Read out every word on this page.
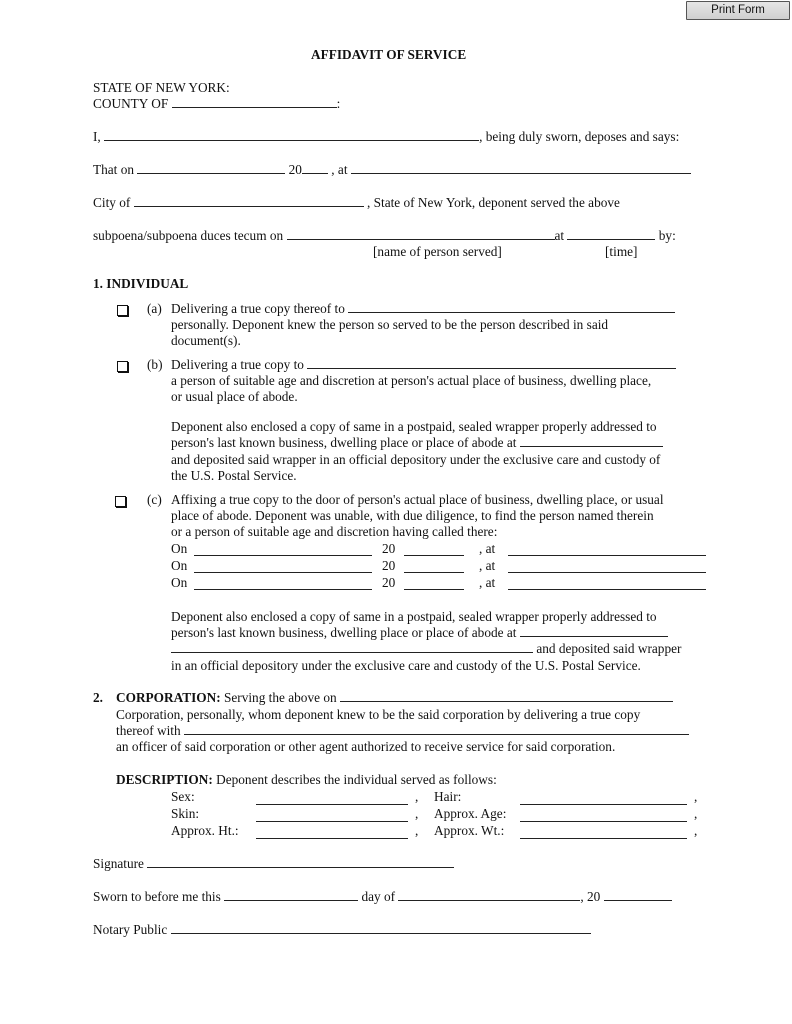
Print Form
AFFIDAVIT OF SERVICE
STATE OF NEW YORK:
COUNTY OF	:
I,	, being duly sworn, deposes and says:
That on	20 , at
City of	, State of New York, deponent served the above
subpoena/subpoena duces tecum on	at	by:
[name of person served]	[time]
1. INDIVIDUAL
(a) Delivering a true copy thereof to
personally. Deponent knew the person so served to be the person described in said
document(s).
(b) Delivering a true copy to
a person of suitable age and discretion at person's actual place of business, dwelling place,
or usual place of abode.
Deponent also enclosed a copy of same in a postpaid, sealed wrapper properly addressed to
person's last known business, dwelling place or place of abode at
and deposited said wrapper in an official depository under the exclusive care and custody of
the U.S. Postal Service.
(c) Affixing a true copy to the door of person's actual place of business, dwelling place, or usual
place of abode. Deponent was unable, with due diligence, to find the person named therein
or a person of suitable age and discretion having called there:
On	20	, at
On	20	, at
On	20	, at
Deponent also enclosed a copy of same in a postpaid, sealed wrapper properly addressed to
person's last known business, dwelling place or place of abode at
and deposited said wrapper
in an official depository under the exclusive care and custody of the U.S. Postal Service.
2. CORPORATION: Serving the above on
Corporation, personally, whom deponent knew to be the said corporation by delivering a true copy
thereof with
an officer of said corporation or other agent authorized to receive service for said corporation.
DESCRIPTION: Deponent describes the individual served as follows:
Sex:	, Hair:	,
Skin:	, Approx. Age:	,
Approx. Ht.:	, Approx. Wt.:	,
Signature
Sworn to before me this	day of	, 20
Notary Public
